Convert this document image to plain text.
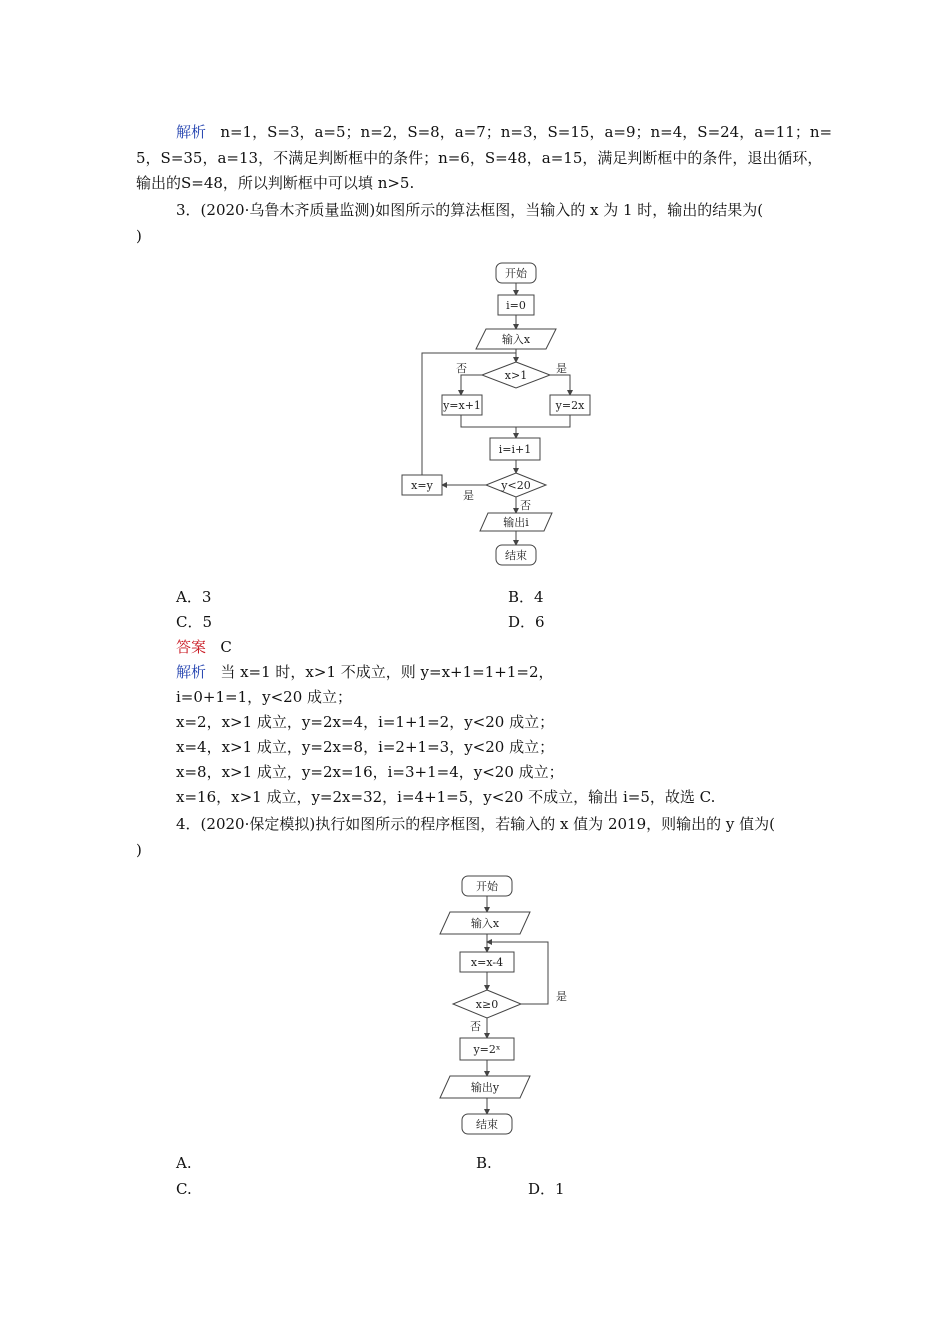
解析 n=1，S=3，a=5；n=2，S=8，a=7；n=3，S=15，a=9；n=4，S=24，a=11；n=
5，S=35，a=13，不满足判断框中的条件；n=6，S=48，a=15，满足判断框中的条件，退出循环，
输出的S=48，所以判断框中可以填 n>5.
3．(2020·乌鲁木齐质量监测)如图所示的算法框图，当输入的 x 为 1 时，输出的结果为(
)
开始
i=0
输入x
x>1
否	是
y=x+1	y=2x
i=i+1
y<20
是
否
x=y
输出i
结束
A．3	B．4
C．5	D．6
答案 C
解析 当 x=1 时，x>1 不成立，则 y=x+1=1+1=2，
i=0+1=1，y<20 成立；
x=2，x>1 成立，y=2x=4，i=1+1=2，y<20 成立；
x=4，x>1 成立，y=2x=8，i=2+1=3，y<20 成立；
x=8，x>1 成立，y=2x=16，i=3+1=4，y<20 成立；
x=16，x>1 成立，y=2x=32，i=4+1=5，y<20 不成立，输出 i=5，故选 C.
4．(2020·保定模拟)执行如图所示的程序框图，若输入的 x 值为 2019，则输出的 y 值为(
)
开始
输入x
x=x-4
x≥0
是
否
y=2ˣ
输出y
结束
A.	B.
C.	D．1
